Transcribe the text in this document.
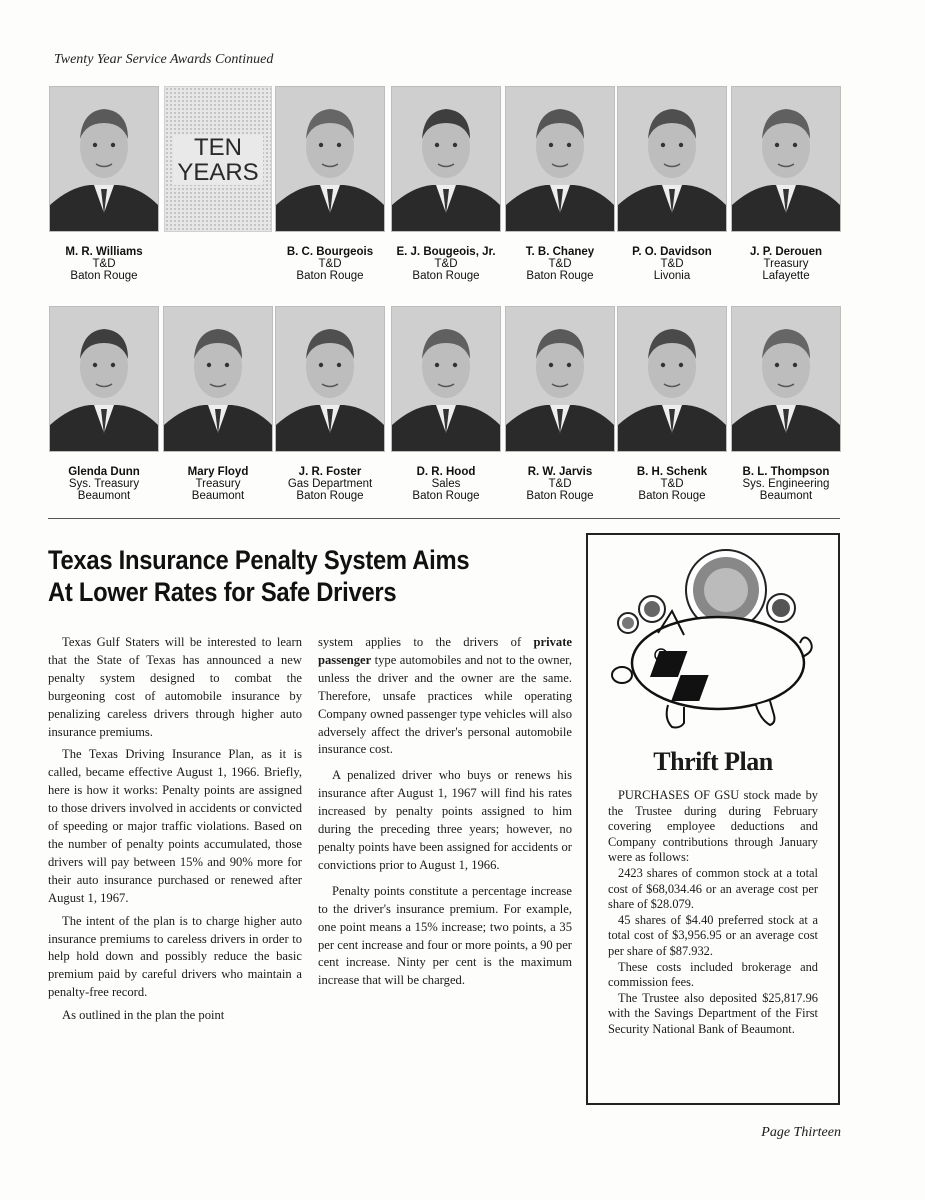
Twenty Year Service Awards Continued
M. R. Williams
T&D
Baton Rouge
TEN YEARS
B. C. Bourgeois
T&D
Baton Rouge
E. J. Bougeois, Jr.
T&D
Baton Rouge
T. B. Chaney
T&D
Baton Rouge
P. O. Davidson
T&D
Livonia
J. P. Derouen
Treasury
Lafayette
Glenda Dunn
Sys. Treasury
Beaumont
Mary Floyd
Treasury
Beaumont
J. R. Foster
Gas Department
Baton Rouge
D. R. Hood
Sales
Baton Rouge
R. W. Jarvis
T&D
Baton Rouge
B. H. Schenk
T&D
Baton Rouge
B. L. Thompson
Sys. Engineering
Beaumont
Texas Insurance Penalty System Aims
At Lower Rates for Safe Drivers

Texas Gulf Staters will be interested to learn that the State of Texas has announced a new penalty system designed to combat the burgeoning cost of automobile insurance by penalizing careless drivers through higher auto insurance premiums.

The Texas Driving Insurance Plan, as it is called, became effective August 1, 1966. Briefly, here is how it works: Penalty points are assigned to those drivers involved in accidents or convicted of speeding or major traffic violations. Based on the number of penalty points accumulated, those drivers will pay between 15% and 90% more for their auto insurance purchased or renewed after August 1, 1967.

The intent of the plan is to charge higher auto insurance premiums to careless drivers in order to help hold down and possibly reduce the basic premium paid by careful drivers who maintain a penalty-free record.

As outlined in the plan the point

system applies to the drivers of private passenger type automobiles and not to the owner, unless the driver and the owner are the same. Therefore, unsafe practices while operating Company owned passenger type vehicles will also adversely affect the driver's personal automobile insurance cost.

A penalized driver who buys or renews his insurance after August 1, 1967 will find his rates increased by penalty points assigned to him during the preceding three years; however, no penalty points have been assigned for accidents or convictions prior to August 1, 1966.

Penalty points constitute a percentage increase to the driver's insurance premium. For example, one point means a 15% increase; two points, a 35 per cent increase and four or more points, a 90 per cent increase. Ninty per cent is the maximum increase that will be charged.

Thrift Plan

PURCHASES OF GSU stock made by the Trustee during during February covering employee deductions and Company contributions through January were as follows:

2423 shares of common stock at a total cost of $68,034.46 or an average cost per share of $28.079.

45 shares of $4.40 preferred stock at a total cost of $3,956.95 or an average cost per share of $87.932.

These costs included brokerage and commission fees.

The Trustee also deposited $25,817.96 with the Savings Department of the First Security National Bank of Beaumont.

Page Thirteen
